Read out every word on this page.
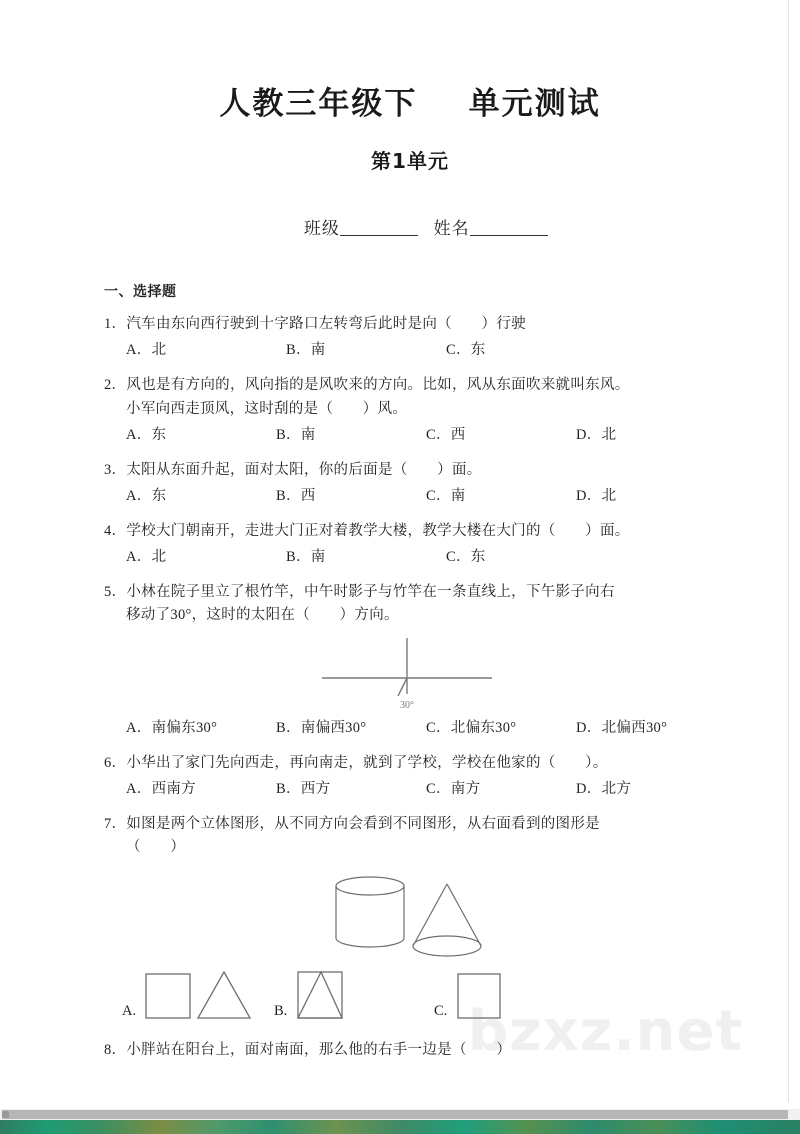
bzxz.net
人教三年级下    单元测试
第1单元

班级	姓名

一、选择题
1．汽车由东向西行驶到十字路口左转弯后此时是向（　　）行驶
A．北	B．南	C．东
2．风也是有方向的，风向指的是风吹来的方向。比如，风从东面吹来就叫东风。
小军向西走顶风，这时刮的是（　　）风。
A．东	B．南	C．西	D．北
3．太阳从东面升起，面对太阳，你的后面是（　　）面。
A．东	B．西	C．南	D．北
4．学校大门朝南开，走进大门正对着教学大楼，教学大楼在大门的（　　）面。
A．北	B．南	C．东
5．小林在院子里立了根竹竿，中午时影子与竹竿在一条直线上，下午影子向右
移动了30°，这时的太阳在（　　）方向。
30°
A．南偏东30°	B．南偏西30°	C．北偏东30°	D．北偏西30°
6．小华出了家门先向西走，再向南走，就到了学校，学校在他家的（　　）。
A．西南方	B．西方	C．南方	D．北方
7．如图是两个立体图形，从不同方向会看到不同图形，从右面看到的图形是
（　　）
A.	B.	C.
8．小胖站在阳台上，面对南面，那么他的右手一边是（　　）
